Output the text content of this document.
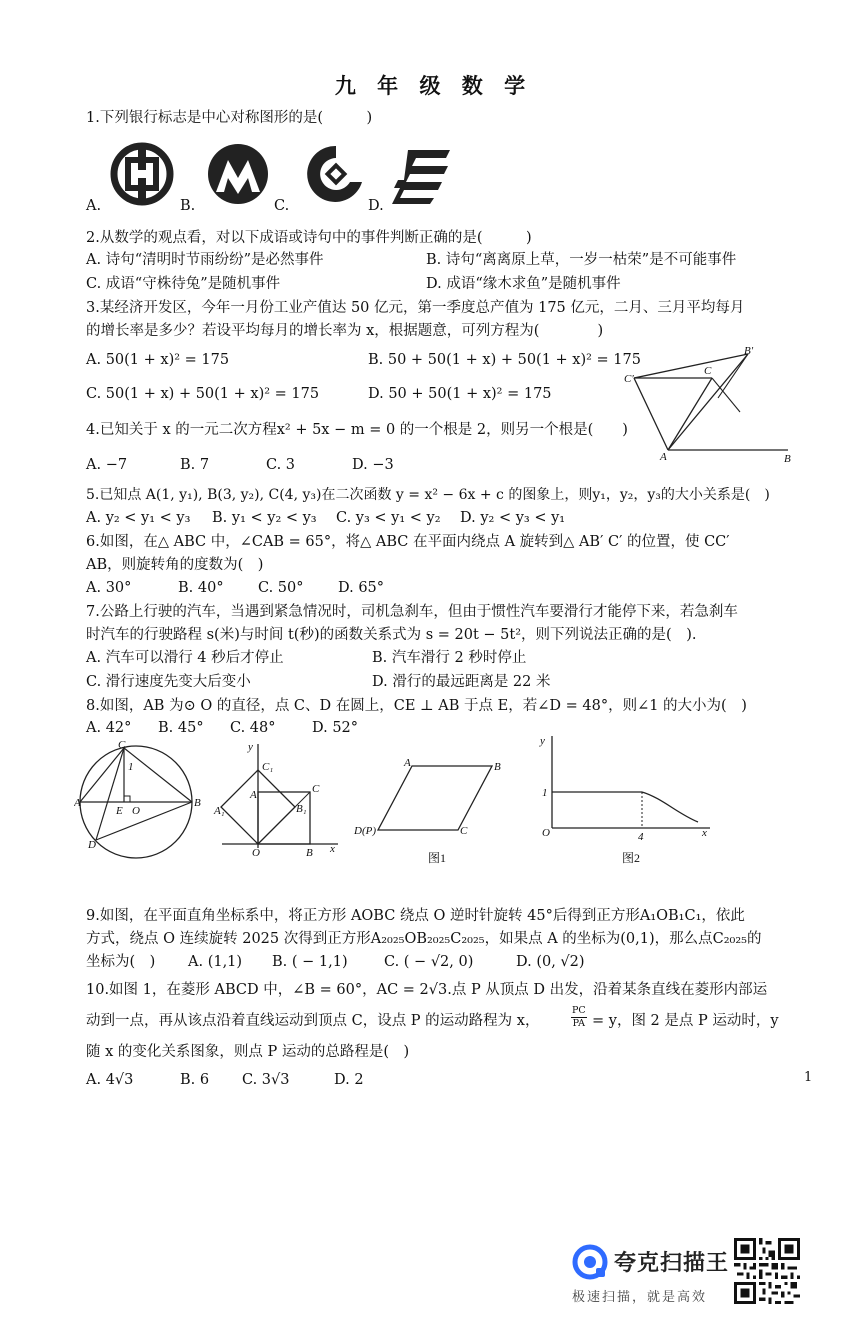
九 年 级 数 学
1.下列银行标志是中心对称图形的是(　　　)
A.	B.	C.	D.
2.从数学的观点看，对以下成语或诗句中的事件判断正确的是(　　　)
A. 诗句“清明时节雨纷纷”是必然事件	B. 诗句“离离原上草，一岁一枯荣”是不可能事件
C. 成语“守株待兔”是随机事件	D. 成语“缘木求鱼”是随机事件
3.某经济开发区，今年一月份工业产值达 50 亿元，第一季度总产值为 175 亿元，二月、三月平均每月
的增长率是多少？若设平均每月的增长率为 x，根据题意，可列方程为(　　　　)
A. 50(1 + x)² = 175	B. 50 + 50(1 + x) + 50(1 + x)² = 175
C. 50(1 + x) + 50(1 + x)² = 175	D. 50 + 50(1 + x)² = 175
C′
C
B′
A	B
4.已知关于 x 的一元二次方程x² + 5x − m = 0 的一个根是 2，则另一个根是(　　)
A. −7	B. 7	C. 3	D. −3
5.已知点 A(1, y₁), B(3, y₂), C(4, y₃)在二次函数 y = x² − 6x + c 的图象上，则y₁，y₂，y₃的大小关系是(　)
A. y₂ < y₁ < y₃ B. y₁ < y₂ < y₃ C. y₃ < y₁ < y₂ D. y₂ < y₃ < y₁
6.如图，在△ ABC 中，∠CAB = 65°，将△ ABC 在平面内绕点 A 旋转到△ AB′ C′ 的位置，使 CC′
AB，则旋转角的度数为(　)
A. 30°	B. 40° C. 50° D. 65°
7.公路上行驶的汽车，当遇到紧急情况时，司机急刹车，但由于惯性汽车要滑行才能停下来，若急刹车
时汽车的行驶路程 s(米)与时间 t(秒)的函数关系式为 s = 20t − 5t²，则下列说法正确的是(　).
A. 汽车可以滑行 4 秒后才停止	B. 汽车滑行 2 秒时停止
C. 滑行速度先变大后变小	D. 滑行的最远距离是 22 米
8.如图，AB 为⊙ O 的直径，点 C、D 在圆上，CE ⊥ AB 于点 E，若∠D = 48°，则∠1 的大小为(　)
A. 42° B. 45° C. 48°	D. 52°
C
1
A
E O
B
D
y
C₁
C
A
A₁	B₁
O	B x
A	B
D(P)	C
图1
y
1
O	4	x
图2
9.如图，在平面直角坐标系中，将正方形 AOBC 绕点 O 逆时针旋转 45°后得到正方形A₁OB₁C₁，依此
方式，绕点 O 连续旋转 2025 次得到正方形A₂₀₂₅OB₂₀₂₅C₂₀₂₅，如果点 A 的坐标为(0,1)，那么点C₂₀₂₅的
坐标为(　) A. (1,1) B. ( − 1,1)	C. ( − √2, 0)	D. (0, √2)
10.如图 1，在菱形 ABCD 中，∠B = 60°，AC = 2√3.点 P 从顶点 D 出发，沿着某条直线在菱形内部运
动到一点，再从该点沿着直线运动到顶点 C，设点 P 的运动路程为 x，	$\frac{PC}{PA} = y$，图 2 是点 P 运动时，y
随 x 的变化关系图象，则点 P 运动的总路程是(　)
A. 4√3	B. 6 C. 3√3	D. 2	1
夸克扫描王
极速扫描，就是高效
